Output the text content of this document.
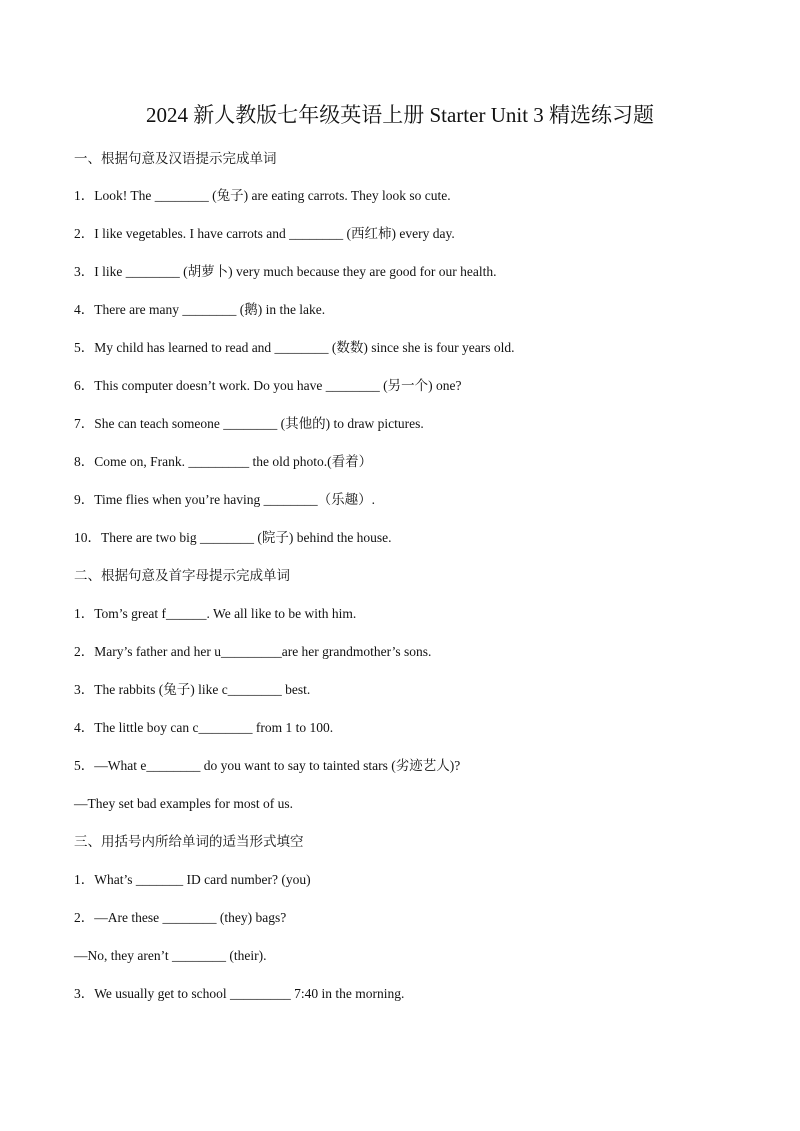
2024 新人教版七年级英语上册 Starter Unit 3 精选练习题
一、根据句意及汉语提示完成单词
1．Look! The ________ (兔子) are eating carrots. They look so cute.
2．I like vegetables. I have carrots and ________ (西红柿) every day.
3．I like ________ (胡萝卜) very much because they are good for our health.
4．There are many ________ (鹅) in the lake.
5．My child has learned to read and ________ (数数) since she is four years old.
6．This computer doesn’t work. Do you have ________ (另一个) one?
7．She can teach someone ________ (其他的) to draw pictures.
8．Come on, Frank. _________ the old photo.(看着）
9．Time flies when you’re having ________（乐趣）.
10．There are two big ________ (院子) behind the house.
二、根据句意及首字母提示完成单词
1．Tom’s great f______. We all like to be with him.
2．Mary’s father and her u_________are her grandmother’s sons.
3．The rabbits (兔子) like c________ best.
4．The little boy can c________ from 1 to 100.
5．—What e________ do you want to say to tainted stars (劣迹艺人)?
—They set bad examples for most of us.
三、用括号内所给单词的适当形式填空
1．What’s _______ ID card number? (you)
2．—Are these ________ (they) bags?
—No, they aren’t ________ (their).
3．We usually get to school _________ 7:40 in the morning.
